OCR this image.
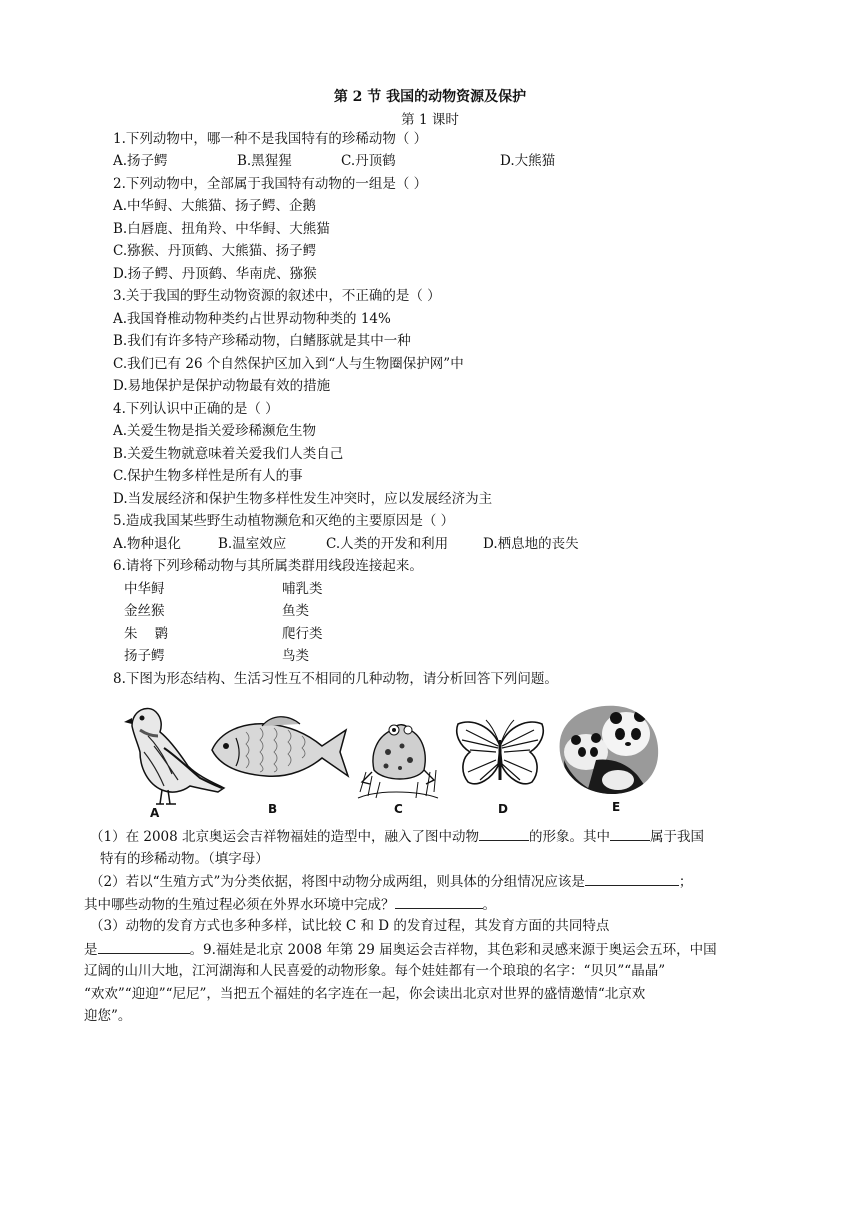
第 2 节 我国的动物资源及保护
第 1 课时
1.下列动物中，哪一种不是我国特有的珍稀动物（ ）
A.扬子鳄	B.黑猩猩	C.丹顶鹤	D.大熊猫
2.下列动物中，全部属于我国特有动物的一组是（ ）
A.中华鲟、大熊猫、扬子鳄、企鹅
B.白唇鹿、扭角羚、中华鲟、大熊猫
C.猕猴、丹顶鹤、大熊猫、扬子鳄
D.扬子鳄、丹顶鹤、华南虎、猕猴
3.关于我国的野生动物资源的叙述中，不正确的是（ ）
A.我国脊椎动物种类约占世界动物种类的 14%
B.我们有许多特产珍稀动物，白鳍豚就是其中一种
C.我们已有 26 个自然保护区加入到“人与生物圈保护网”中
D.易地保护是保护动物最有效的措施
4.下列认识中正确的是（ ）
A.关爱生物是指关爱珍稀濒危生物
B.关爱生物就意味着关爱我们人类自己
C.保护生物多样性是所有人的事
D.当发展经济和保护生物多样性发生冲突时，应以发展经济为主
5.造成我国某些野生动植物濒危和灭绝的主要原因是（ ）
A.物种退化	B.温室效应	C.人类的开发和利用	D.栖息地的丧失
6.请将下列珍稀动物与其所属类群用线段连接起来。
中华鲟	哺乳类
金丝猴	鱼类
朱    鹮	爬行类
扬子鳄	鸟类
8.下图为形态结构、生活习性互不相同的几种动物，请分析回答下列问题。
A	B	C	D	E
（1）在 2008 北京奥运会吉祥物福娃的造型中，融入了图中动物	的形象。其中	属于我国
特有的珍稀动物。（填字母）
（2）若以“生殖方式”为分类依据，将图中动物分成两组，则具体的分组情况应该是	；
其中哪些动物的生殖过程必须在外界水环境中完成？	。
（3）动物的发育方式也多种多样，试比较 C 和 D 的发育过程，其发育方面的共同特点
是	。9.福娃是北京 2008 年第 29 届奥运会吉祥物，其色彩和灵感来源于奥运会五环，中国
辽阔的山川大地，江河湖海和人民喜爱的动物形象。每个娃娃都有一个琅琅的名字：“贝贝”“晶晶”
“欢欢”“迎迎”“尼尼”，当把五个福娃的名字连在一起，你会读出北京对世界的盛情邀情“北京欢
迎您”。
